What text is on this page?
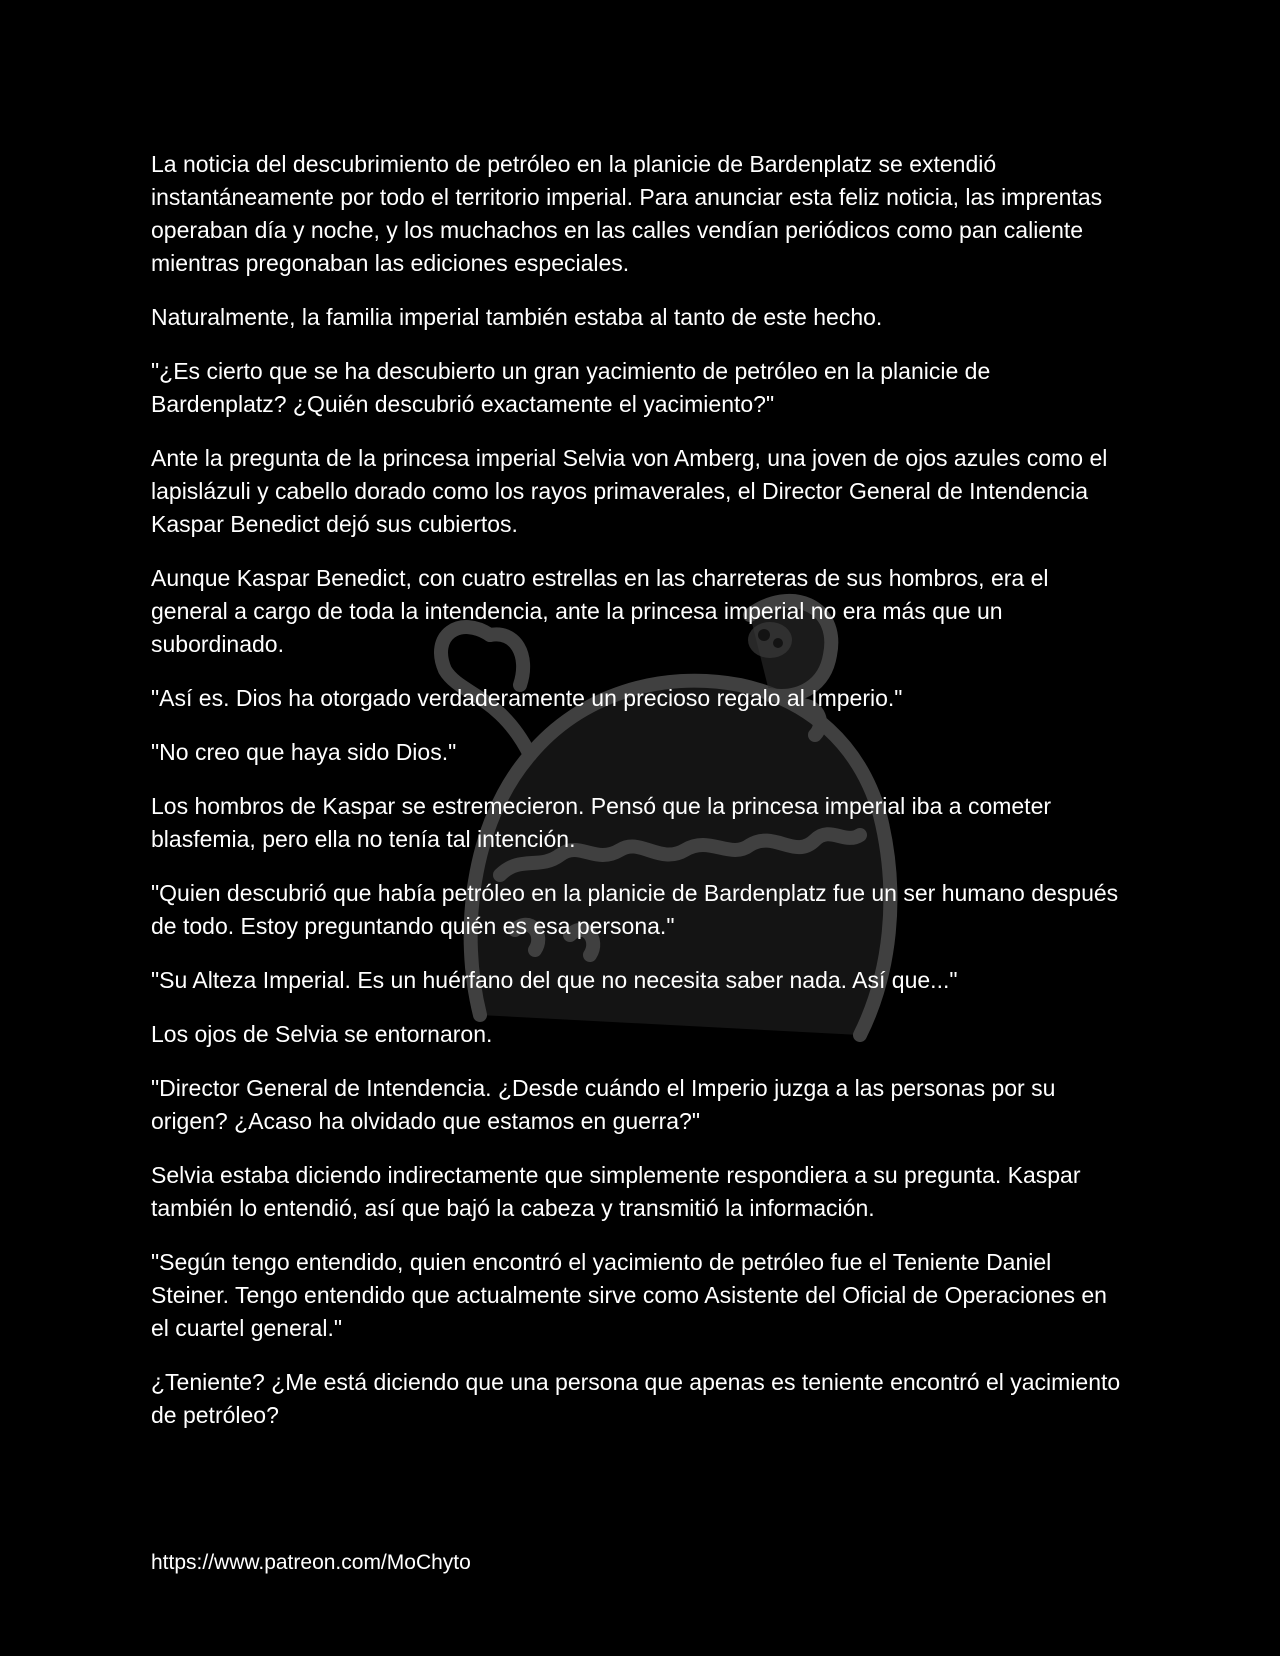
La noticia del descubrimiento de petróleo en la planicie de Bardenplatz se extendió instantáneamente por todo el territorio imperial. Para anunciar esta feliz noticia, las imprentas operaban día y noche, y los muchachos en las calles vendían periódicos como pan caliente mientras pregonaban las ediciones especiales.

Naturalmente, la familia imperial también estaba al tanto de este hecho.

"¿Es cierto que se ha descubierto un gran yacimiento de petróleo en la planicie de Bardenplatz? ¿Quién descubrió exactamente el yacimiento?"

Ante la pregunta de la princesa imperial Selvia von Amberg, una joven de ojos azules como el lapislázuli y cabello dorado como los rayos primaverales, el Director General de Intendencia Kaspar Benedict dejó sus cubiertos.

Aunque Kaspar Benedict, con cuatro estrellas en las charreteras de sus hombros, era el general a cargo de toda la intendencia, ante la princesa imperial no era más que un subordinado.

"Así es. Dios ha otorgado verdaderamente un precioso regalo al Imperio."

"No creo que haya sido Dios."

Los hombros de Kaspar se estremecieron. Pensó que la princesa imperial iba a cometer blasfemia, pero ella no tenía tal intención.

"Quien descubrió que había petróleo en la planicie de Bardenplatz fue un ser humano después de todo. Estoy preguntando quién es esa persona."

"Su Alteza Imperial. Es un huérfano del que no necesita saber nada. Así que..."

Los ojos de Selvia se entornaron.

"Director General de Intendencia. ¿Desde cuándo el Imperio juzga a las personas por su origen? ¿Acaso ha olvidado que estamos en guerra?"

Selvia estaba diciendo indirectamente que simplemente respondiera a su pregunta. Kaspar también lo entendió, así que bajó la cabeza y transmitió la información.

"Según tengo entendido, quien encontró el yacimiento de petróleo fue el Teniente Daniel Steiner. Tengo entendido que actualmente sirve como Asistente del Oficial de Operaciones en el cuartel general."

¿Teniente? ¿Me está diciendo que una persona que apenas es teniente encontró el yacimiento de petróleo?

https://www.patreon.com/MoChyto
